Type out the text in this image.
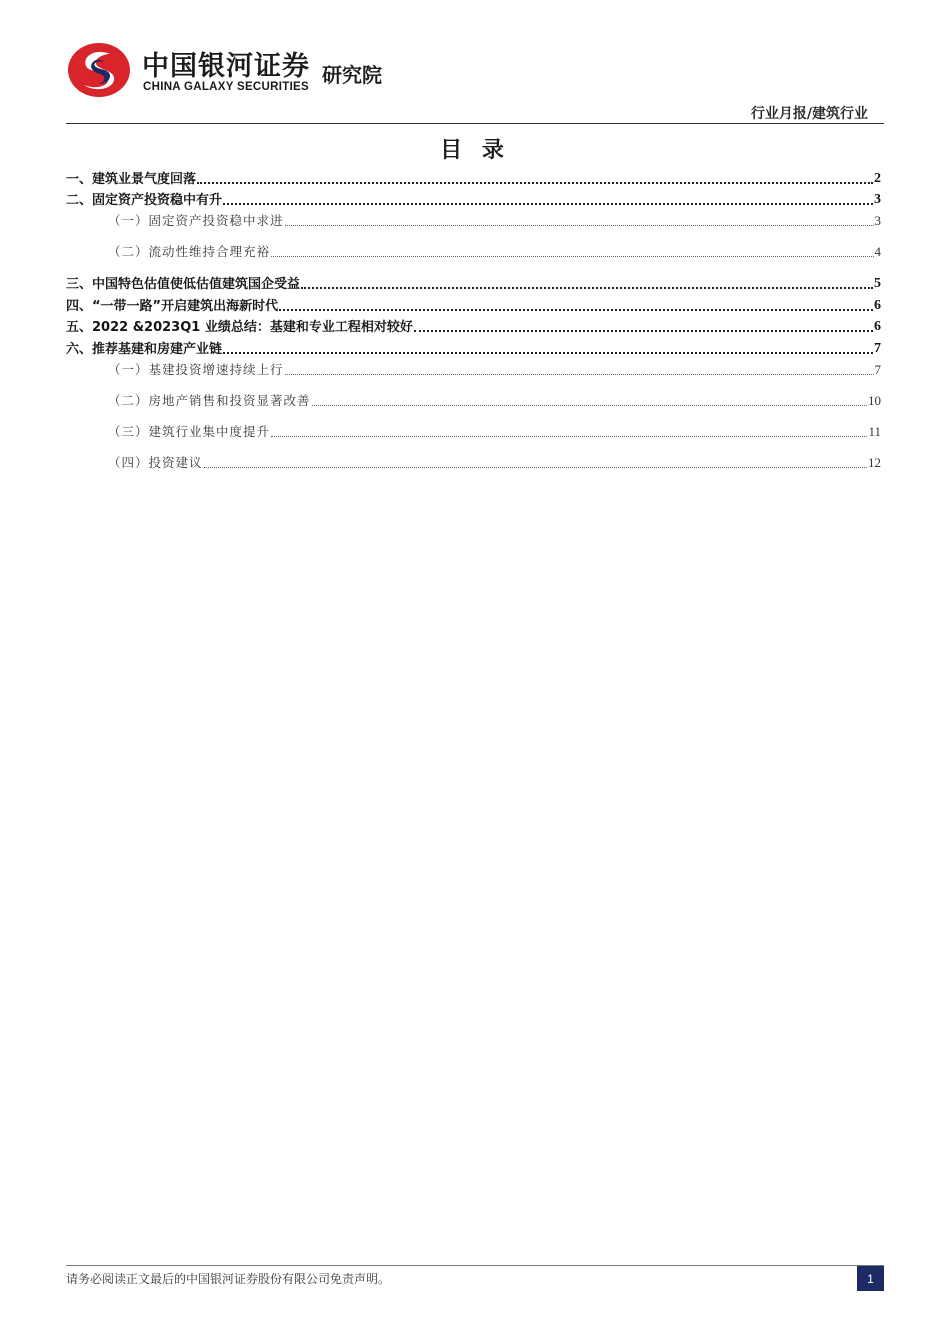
中国银河证券
CHINA GALAXY SECURITIES 研究院
行业月报/建筑行业
目 录
一、建筑业景气度回落	2
二、固定资产投资稳中有升	3
（一）固定资产投资稳中求进	3
（二）流动性维持合理充裕	4
三、中国特色估值使低估值建筑国企受益	5
四、“一带一路”开启建筑出海新时代	6
五、2022 &2023Q1 业绩总结：基建和专业工程相对较好	6
六、推荐基建和房建产业链	7
（一）基建投资增速持续上行	7
（二）房地产销售和投资显著改善	10
（三）建筑行业集中度提升	11
（四）投资建议	12
请务必阅读正文最后的中国银河证券股份有限公司免责声明。	1
